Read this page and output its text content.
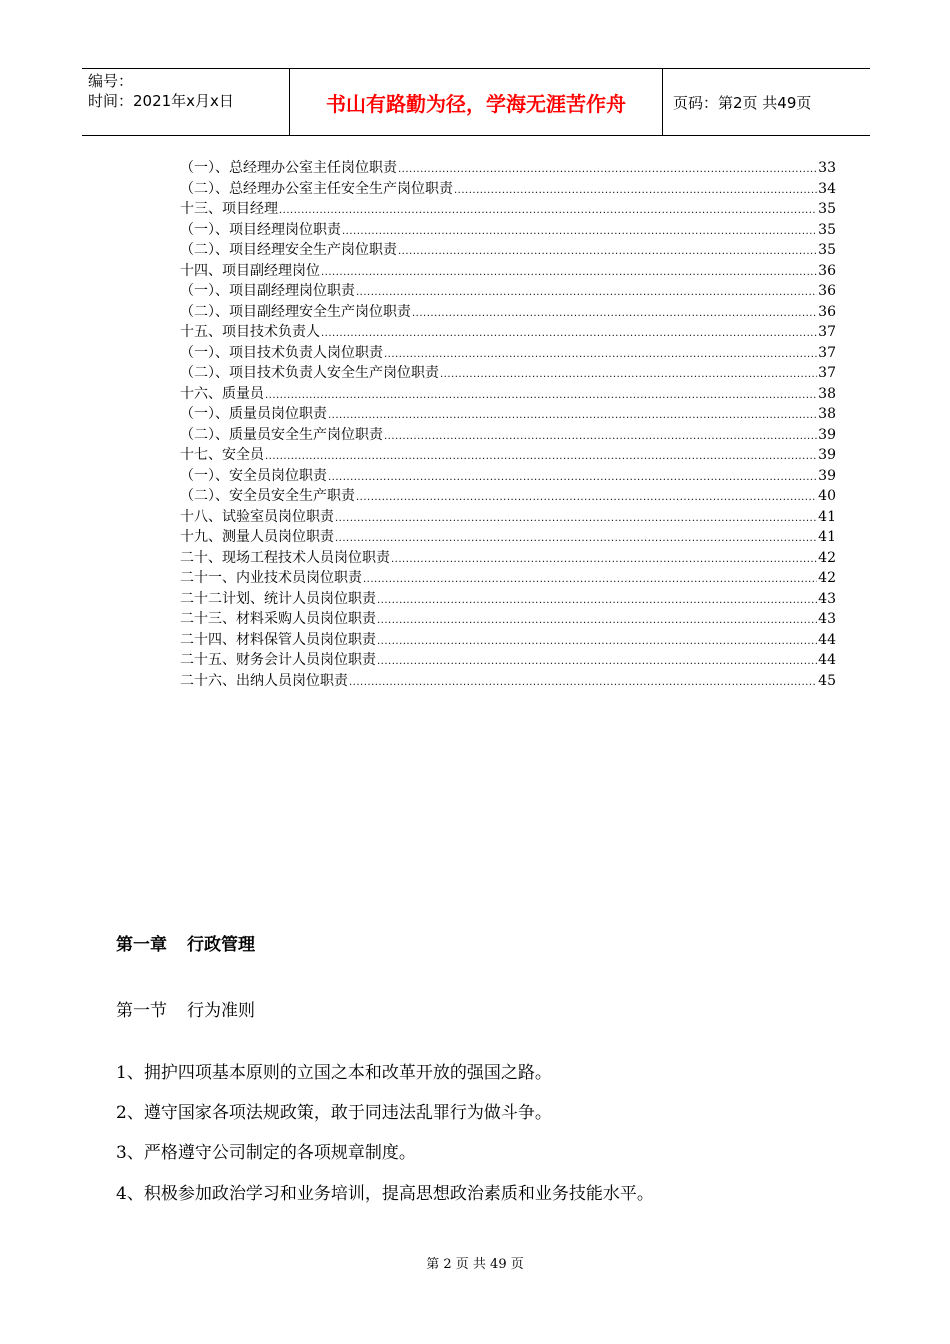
编号：
时间：2021年x月x日	书山有路勤为径，学海无涯苦作舟	页码：第2页 共49页
（一）、总经理办公室主任岗位职责 .....	33
（二）、总经理办公室主任安全生产岗位职责 .....	34
十三、项目经理 .....	35
（一）、项目经理岗位职责 .....	35
（二）、项目经理安全生产岗位职责 .....	35
十四、项目副经理岗位 .....	36
（一）、项目副经理岗位职责 .....	36
（二）、项目副经理安全生产岗位职责 .....	36
十五、项目技术负责人 .....	37
（一）、项目技术负责人岗位职责 .....	37
（二）、项目技术负责人安全生产岗位职责 .....	37
十六、质量员 .....	38
（一）、质量员岗位职责 .....	38
（二）、质量员安全生产岗位职责 .....	39
十七、安全员 .....	39
（一）、安全员岗位职责 .....	39
（二）、安全员安全生产职责 .....	40
十八、试验室员岗位职责 .....	41
十九、测量人员岗位职责 .....	41
二十、现场工程技术人员岗位职责 .....	42
二十一、内业技术员岗位职责 .....	42
二十二计划、统计人员岗位职责 .....	43
二十三、材料采购人员岗位职责 .....	43
二十四、材料保管人员岗位职责 .....	44
二十五、财务会计人员岗位职责 .....	44
二十六、出纳人员岗位职责 .....	45
第一章 行政管理
第一节 行为准则
1、拥护四项基本原则的立国之本和改革开放的强国之路。
2、遵守国家各项法规政策，敢于同违法乱罪行为做斗争。
3、严格遵守公司制定的各项规章制度。
4、积极参加政治学习和业务培训，提高思想政治素质和业务技能水平。
第 2 页 共 49 页
